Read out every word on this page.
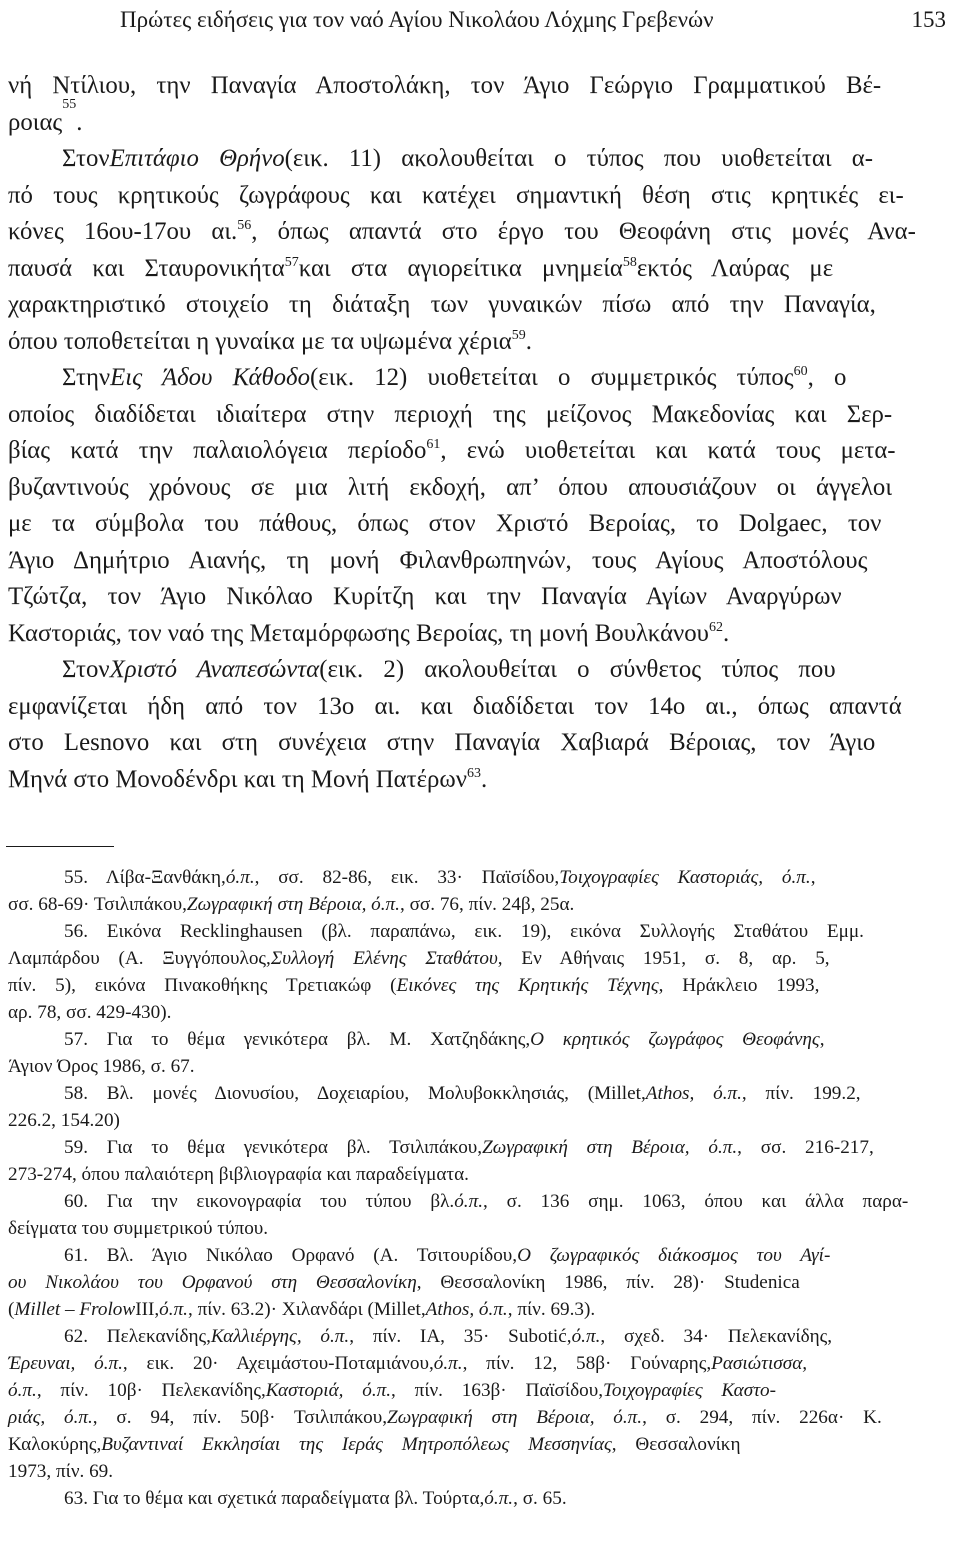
Πρώτες ειδήσεις για τον ναό Αγίου Νικολάου Λόχμης Γρεβενών	153
νή Ντίλιου, την Παναγία Αποστολάκη, τον Άγιο Γεώργιο Γραμματικού Βέ-
ροιας
55
.
ΣτονΕπιτάφιο Θρήνο(εικ. 11) ακολουθείται ο τύπος που υιοθετείται α-
πό τους κρητικούς ζωγράφους και κατέχει σημαντική θέση στις κρητικές ει-
κόνες 16ου-17ου αι.$^{56}$, όπως απαντά στο έργο του Θεοφάνη στις μονές Ανα-
παυσά και Σταυρονικήτα$^{57}$και στα αγιορείτικα μνημεία$^{58}$εκτός Λαύρας με
χαρακτηριστικό στοιχείο τη διάταξη των γυναικών πίσω από την Παναγία,
όπου τοποθετείται η γυναίκα με τα υψωμένα χέρια$^{59}$.
ΣτηνΕις Άδου Κάθοδο(εικ. 12) υιοθετείται ο συμμετρικός τύπος$^{60}$, ο
οποίος διαδίδεται ιδιαίτερα στην περιοχή της μείζονος Μακεδονίας και Σερ-
βίας κατά την παλαιολόγεια περίοδο$^{61}$, ενώ υιοθετείται και κατά τους μετα-
βυζαντινούς χρόνους σε μια λιτή εκδοχή, απ’ όπου απουσιάζουν οι άγγελοι
με τα σύμβολα του πάθους, όπως στον Χριστό Βεροίας, το Dolgaec, τον
Άγιο Δημήτριο Αιανής, τη μονή Φιλανθρωπηνών, τους Αγίους Αποστόλους
Τζώτζα, τον Άγιο Νικόλαο Κυρίτζη και την Παναγία Αγίων Αναργύρων
Καστοριάς, τον ναό της Μεταμόρφωσης Βεροίας, τη μονή Βουλκάνου$^{62}$.
ΣτονΧριστό Αναπεσώντα(εικ. 2) ακολουθείται ο σύνθετος τύπος που
εμφανίζεται ήδη από τον 13ο αι. και διαδίδεται τον 14ο αι., όπως απαντά
στο Lesnovo και στη συνέχεια στην Παναγία Χαβιαρά Βέροιας, τον Άγιο
Μηνά στο Μονοδένδρι και τη Μονή Πατέρων$^{63}$.
55. Λίβα-Ξανθάκη,ό.π., σσ. 82-86, εικ. 33· Παϊσίδου,Τοιχογραφίες Καστοριάς, ό.π.,
σσ. 68-69· Τσιλιπάκου,Ζωγραφική στη Βέροια, ό.π., σσ. 76, πίν. 24β, 25α.
56. Εικόνα Recklinghausen (βλ. παραπάνω, εικ. 19), εικόνα Συλλογής Σταθάτου Εμμ.
Λαμπάρδου (Α. Ξυγγόπουλος,Συλλογή Ελένης Σταθάτου, Εν Αθήναις 1951, σ. 8, αρ. 5,
πίν. 5), εικόνα Πινακοθήκης Τρετιακώφ (Εικόνες της Κρητικής Τέχνης, Ηράκλειο 1993,
αρ. 78, σσ. 429-430).
57. Για το θέμα γενικότερα βλ. Μ. Χατζηδάκης,Ο κρητικός ζωγράφος Θεοφάνης,
Άγιον Όρος 1986, σ. 67.
58. Βλ. μονές Διονυσίου, Δοχειαρίου, Μολυβοκκλησιάς, (Millet,Athos, ό.π., πίν. 199.2,
226.2, 154.20)
59. Για το θέμα γενικότερα βλ. Τσιλιπάκου,Ζωγραφική στη Βέροια, ό.π., σσ. 216-217,
273-274, όπου παλαιότερη βιβλιογραφία και παραδείγματα.
60. Για την εικονογραφία του τύπου βλ.ό.π., σ. 136 σημ. 1063, όπου και άλλα παρα-
δείγματα του συμμετρικού τύπου.
61. Βλ. Άγιο Νικόλαο Ορφανό (Α. Τσιτουρίδου,Ο ζωγραφικός διάκοσμος του Αγί-
ου Νικολάου του Ορφανού στη Θεσσαλονίκη, Θεσσαλονίκη 1986, πίν. 28)· Studenica
(Millet – FrolowIII,ό.π., πίν. 63.2)· Χιλανδάρι (Millet,Athos, ό.π., πίν. 69.3).
62. Πελεκανίδης,Καλλιέργης, ό.π., πίν. ΙΑ, 35· Subotić,ό.π., σχεδ. 34· Πελεκανίδης,
Έρευναι, ό.π., εικ. 20· Αχειμάστου-Ποταμιάνου,ό.π., πίν. 12, 58β· Γούναρης,Ρασιώτισσα,
ό.π., πίν. 10β· Πελεκανίδης,Καστοριά, ό.π., πίν. 163β· Παϊσίδου,Τοιχογραφίες Καστο-
ριάς, ό.π., σ. 94, πίν. 50β· Τσιλιπάκου,Ζωγραφική στη Βέροια, ό.π., σ. 294, πίν. 226α· Κ.
Καλοκύρης,Βυζαντιναί Εκκλησίαι της Ιεράς Μητροπόλεως Μεσσηνίας, Θεσσαλονίκη
1973, πίν. 69.
63. Για το θέμα και σχετικά παραδείγματα βλ. Τούρτα,ό.π., σ. 65.
